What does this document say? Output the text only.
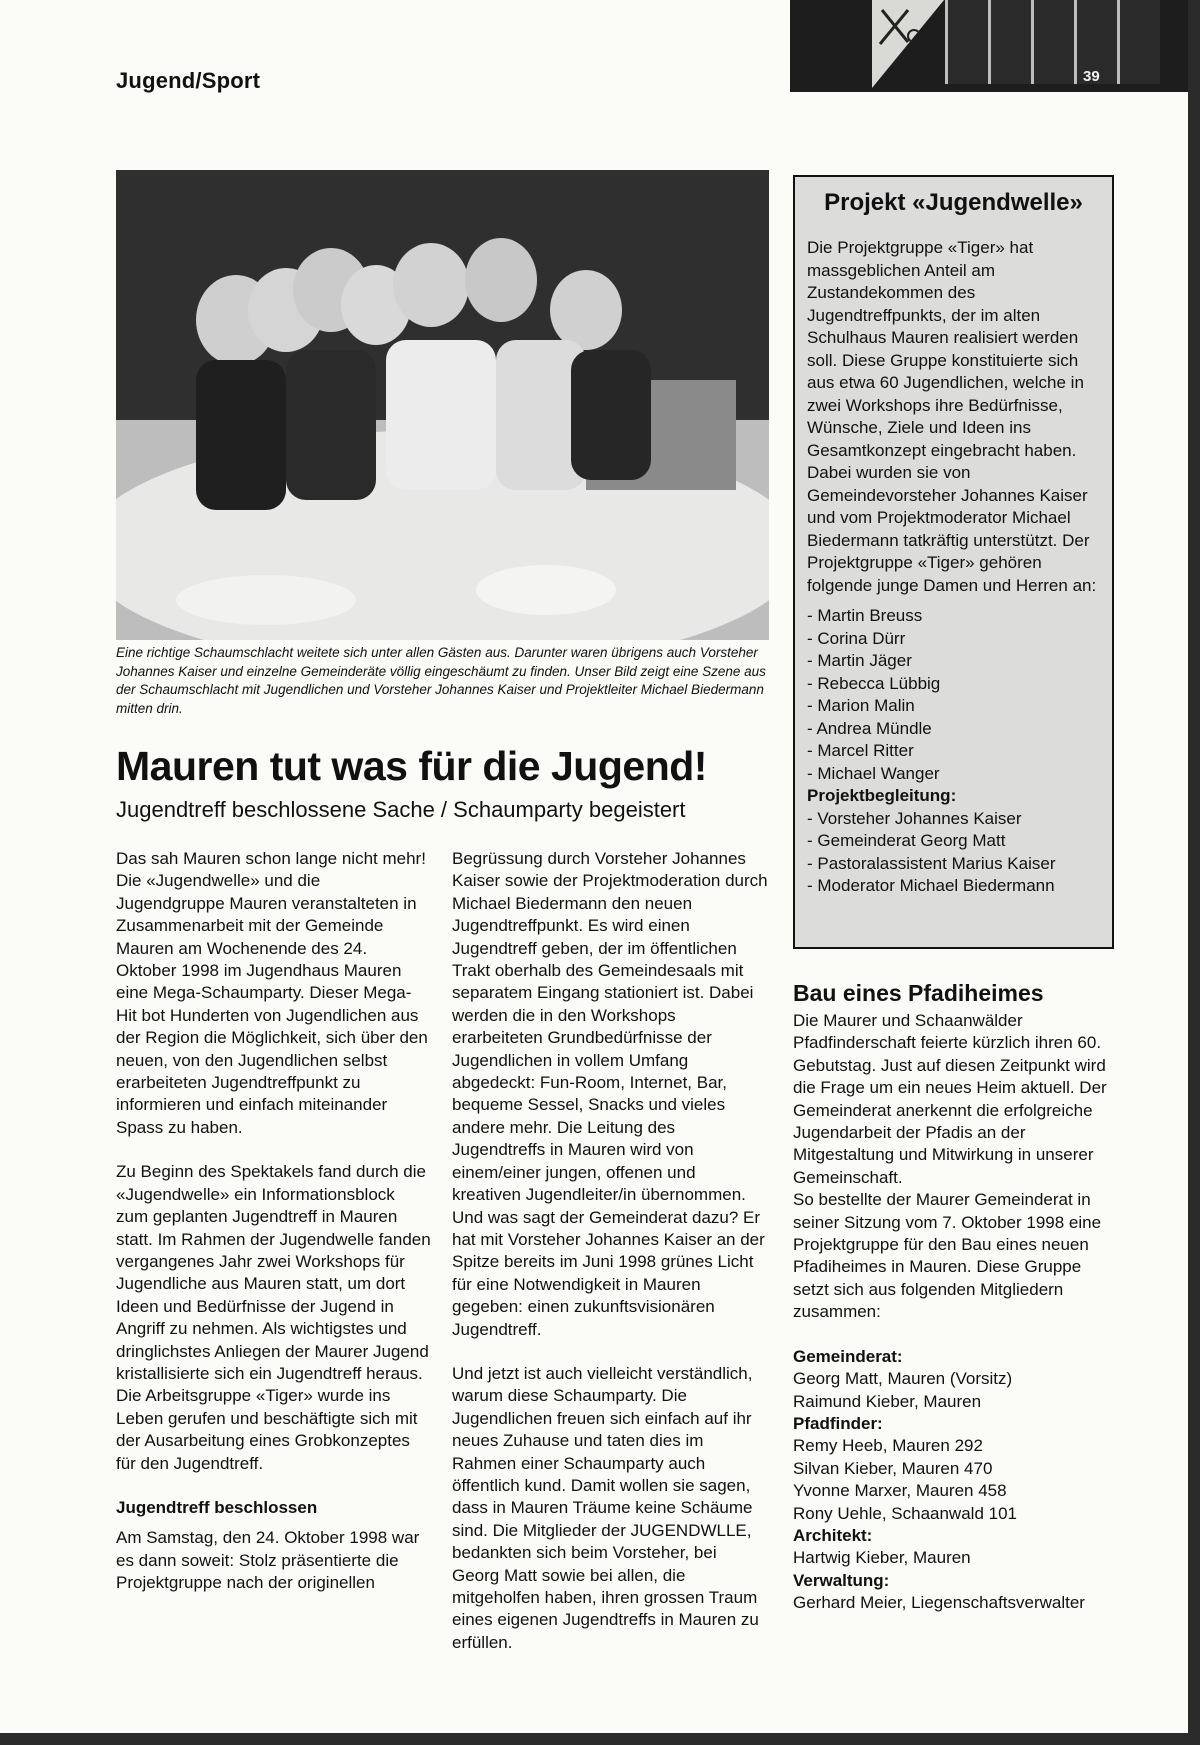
Jugend/Sport	39
Eine richtige Schaumschlacht weitete sich unter allen Gästen aus. Darunter waren übrigens auch Vorsteher Johannes Kaiser und einzelne Gemeinderäte völlig eingeschäumt zu finden. Unser Bild zeigt eine Szene aus der Schaumschlacht mit Jugendlichen und Vorsteher Johannes Kaiser und Projektleiter Michael Biedermann mitten drin.
Mauren tut was für die Jugend!
Jugendtreff beschlossene Sache / Schaumparty begeistert

Das sah Mauren schon lange nicht mehr! Die «Jugendwelle» und die Jugendgruppe Mauren veranstalteten in Zusammenarbeit mit der Gemeinde Mauren am Wochenende des 24. Oktober 1998 im Jugendhaus Mauren eine Mega-Schaumparty. Dieser Mega-Hit bot Hunderten von Jugendlichen aus der Region die Möglichkeit, sich über den neuen, von den Jugendlichen selbst erarbeiteten Jugendtreffpunkt zu informieren und einfach miteinander Spass zu haben.

Zu Beginn des Spektakels fand durch die «Jugendwelle» ein Informationsblock zum geplanten Jugendtreff in Mauren statt. Im Rahmen der Jugendwelle fanden vergangenes Jahr zwei Workshops für Jugendliche aus Mauren statt, um dort Ideen und Bedürfnisse der Jugend in Angriff zu nehmen. Als wichtigstes und dringlichstes Anliegen der Maurer Jugend kristallisierte sich ein Jugendtreff heraus. Die Arbeitsgruppe «Tiger» wurde ins Leben gerufen und beschäftigte sich mit der Ausarbeitung eines Grobkonzeptes für den Jugendtreff.

Jugendtreff beschlossen

Am Samstag, den 24. Oktober 1998 war es dann soweit: Stolz präsentierte die Projektgruppe nach der originellen

Begrüssung durch Vorsteher Johannes Kaiser sowie der Projektmoderation durch Michael Biedermann den neuen Jugendtreffpunkt. Es wird einen Jugendtreff geben, der im öffentlichen Trakt oberhalb des Gemeindesaals mit separatem Eingang stationiert ist. Dabei werden die in den Workshops erarbeiteten Grundbedürfnisse der Jugendlichen in vollem Umfang abgedeckt: Fun-Room, Internet, Bar, bequeme Sessel, Snacks und vieles andere mehr. Die Leitung des Jugendtreffs in Mauren wird von einem/einer jungen, offenen und kreativen Jugendleiter/in übernommen. Und was sagt der Gemeinderat dazu? Er hat mit Vorsteher Johannes Kaiser an der Spitze bereits im Juni 1998 grünes Licht für eine Notwendigkeit in Mauren gegeben: einen zukunftsvisionären Jugendtreff.

Und jetzt ist auch vielleicht verständlich, warum diese Schaumparty. Die Jugendlichen freuen sich einfach auf ihr neues Zuhause und taten dies im Rahmen einer Schaumparty auch öffentlich kund. Damit wollen sie sagen, dass in Mauren Träume keine Schäume sind. Die Mitglieder der JUGENDWLLE, bedankten sich beim Vorsteher, bei Georg Matt sowie bei allen, die mitgeholfen haben, ihren grossen Traum eines eigenen Jugendtreffs in Mauren zu erfüllen.

Projekt «Jugendwelle»

Die Projektgruppe «Tiger» hat massgeblichen Anteil am Zustandekommen des Jugendtreffpunkts, der im alten Schulhaus Mauren realisiert werden soll. Diese Gruppe konstituierte sich aus etwa 60 Jugendlichen, welche in zwei Workshops ihre Bedürfnisse, Wünsche, Ziele und Ideen ins Gesamtkonzept eingebracht haben. Dabei wurden sie von Gemeindevorsteher Johannes Kaiser und vom Projektmoderator Michael Biedermann tatkräftig unterstützt. Der Projektgruppe «Tiger» gehören folgende junge Damen und Herren an:

- Martin Breuss
- Corina Dürr
- Martin Jäger
- Rebecca Lübbig
- Marion Malin
- Andrea Mündle
- Marcel Ritter
- Michael Wanger

Projektbegleitung:

- Vorsteher Johannes Kaiser
- Gemeinderat Georg Matt
- Pastoralassistent Marius Kaiser
- Moderator Michael Biedermann
Bau eines Pfadiheimes

Die Maurer und Schaanwälder Pfadfinderschaft feierte kürzlich ihren 60. Gebutstag. Just auf diesen Zeitpunkt wird die Frage um ein neues Heim aktuell. Der Gemeinderat anerkennt die erfolgreiche Jugendarbeit der Pfadis an der Mitgestaltung und Mitwirkung in unserer Gemeinschaft.

So bestellte der Maurer Gemeinderat in seiner Sitzung vom 7. Oktober 1998 eine Projektgruppe für den Bau eines neuen Pfadiheimes in Mauren. Diese Gruppe setzt sich aus folgenden Mitgliedern zusammen:

Gemeinderat:

Georg Matt, Mauren (Vorsitz)

Raimund Kieber, Mauren

Pfadfinder:

Remy Heeb, Mauren 292

Silvan Kieber, Mauren 470

Yvonne Marxer, Mauren 458

Rony Uehle, Schaanwald 101

Architekt:

Hartwig Kieber, Mauren

Verwaltung:

Gerhard Meier, Liegenschaftsverwalter
